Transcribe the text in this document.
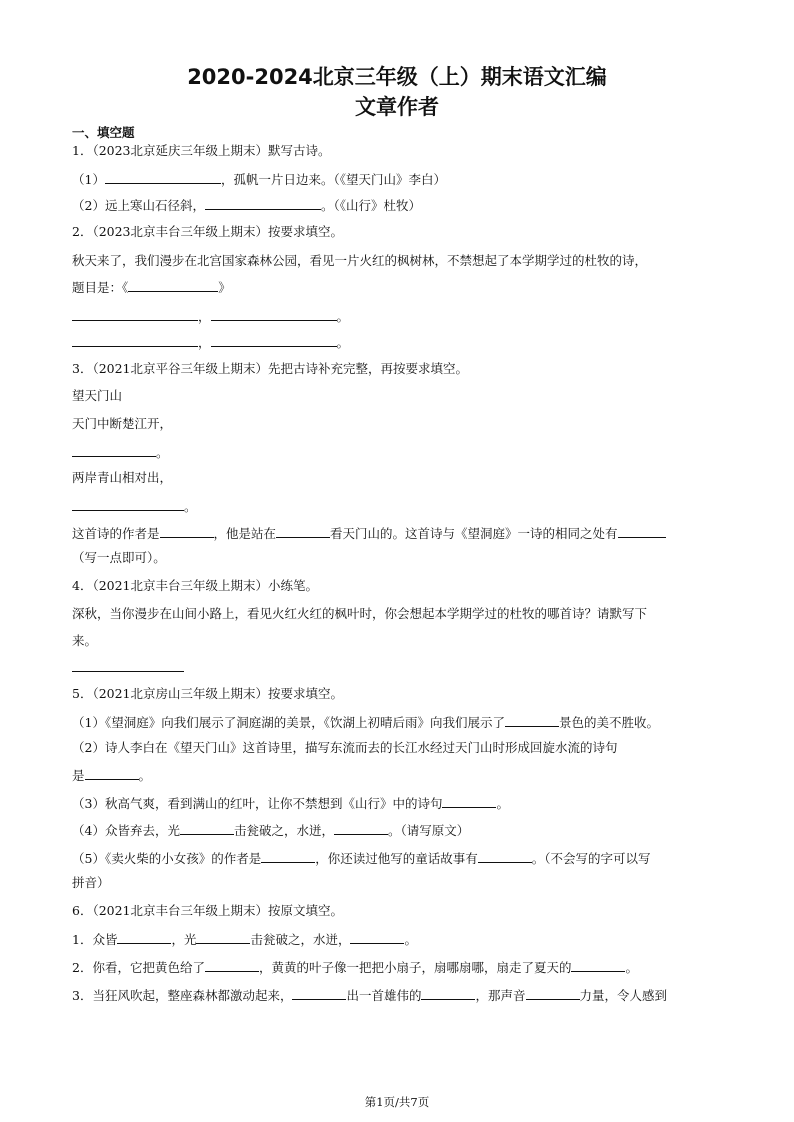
2020-2024北京三年级（上）期末语文汇编
文章作者
一、填空题
1．（2023北京延庆三年级上期末）默写古诗。
（1）	，孤帆一片日边来。（《望天门山》李白）
（2）远上寒山石径斜，	。（《山行》杜牧）
2．（2023北京丰台三年级上期末）按要求填空。
秋天来了，我们漫步在北宫国家森林公园，看见一片火红的枫树林，不禁想起了本学期学过的杜牧的诗，
题目是：《	》
，	。
，	。
3．（2021北京平谷三年级上期末）先把古诗补充完整，再按要求填空。
望天门山
天门中断楚江开，
。
两岸青山相对出，
。
这首诗的作者是	，他是站在	看天门山的。这首诗与《望洞庭》一诗的相同之处有
（写一点即可）。
4．（2021北京丰台三年级上期末）小练笔。
深秋，当你漫步在山间小路上，看见火红火红的枫叶时，你会想起本学期学过的杜牧的哪首诗？请默写下
来。
5．（2021北京房山三年级上期末）按要求填空。
（1）《望洞庭》向我们展示了洞庭湖的美景，《饮湖上初晴后雨》向我们展示了	景色的美不胜收。
（2）诗人李白在《望天门山》这首诗里，描写东流而去的长江水经过天门山时形成回旋水流的诗句
是	。
（3）秋高气爽，看到满山的红叶，让你不禁想到《山行》中的诗句	。
（4）众皆弃去，光	击瓮破之，水迸，	。（请写原文）
（5）《卖火柴的小女孩》的作者是	，你还读过他写的童话故事有	。（不会写的字可以写
拼音）
6．（2021北京丰台三年级上期末）按原文填空。
1．众皆	，光	击瓮破之，水迸，	。
2．你看，它把黄色给了	，黄黄的叶子像一把把小扇子，扇哪扇哪，扇走了夏天的	。
3．当狂风吹起，整座森林都激动起来，	出一首雄伟的	，那声音	力量，令人感到
第1页/共7页
